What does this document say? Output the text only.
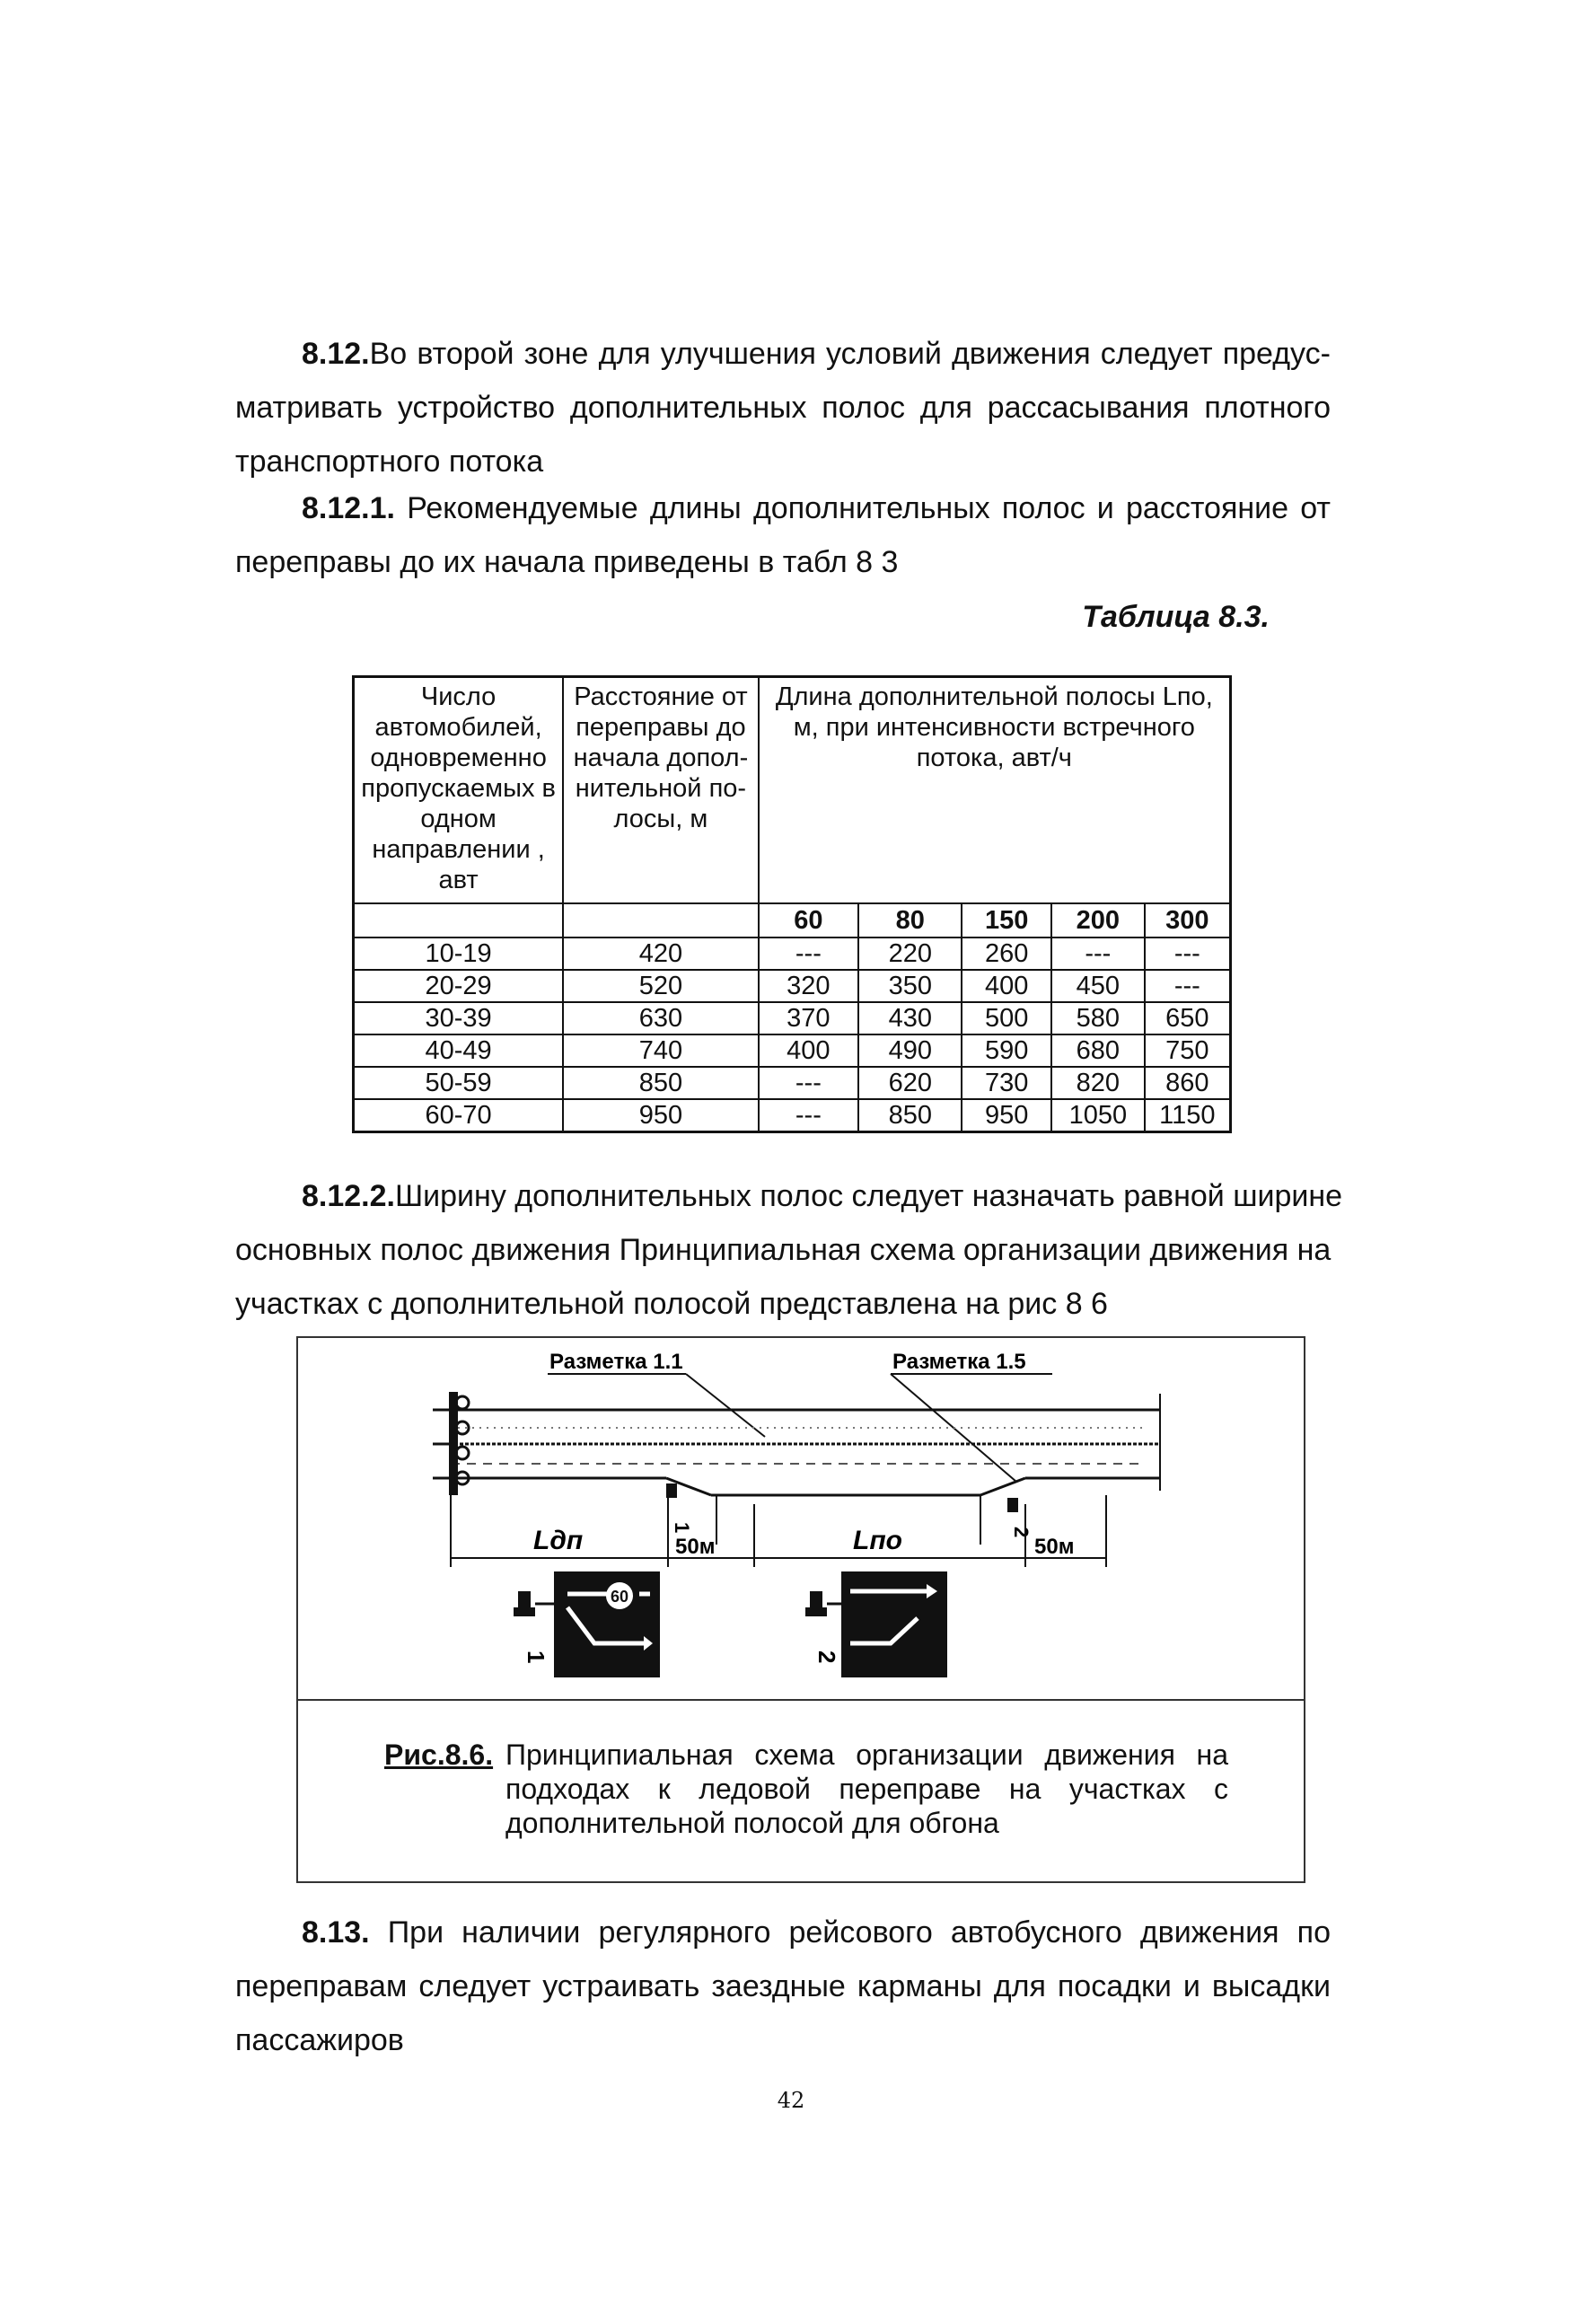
8.12.Во второй зоне для улучшения условий движения следует предус-
матривать устройство дополнительных полос для рассасывания плотного
транспортного потока
8.12.1. Рекомендуемые длины дополнительных полос и расстояние от
переправы до их начала приведены в табл 8 3
Таблица 8.3.
Число автомобилей, одновременно пропускаемых в одном направлении , авт	Расстояние от переправы до начала допол-нительной по-лосы, м	Длина дополнительной полосы Lпо, м, при интенсивности встречного потока, авт/ч				
		60	80	150	200	300
10-19	420	---	220	260	---	---
20-29	520	320	350	400	450	---
30-39	630	370	430	500	580	650
40-49	740	400	490	590	680	750
50-59	850	---	620	730	820	860
60-70	950	---	850	950	1050	1150
8.12.2.Ширину дополнительных полос следует назначать равной ширине
основных полос движения Принципиальная схема организации движения на
участках с дополнительной полосой представлена на рис 8 6
Разметка 1.1	Разметка 1.5
1	2
Lдп	50м	Lпо	50м
60
1	2
Рис.8.6. Принципиальная схема организации движения на подходах к ледовой переправе на участках с дополнительной полосой для обгона
8.13. При наличии регулярного рейсового автобусного движения по
переправам следует устраивать заездные карманы для посадки и высадки
пассажиров
42
